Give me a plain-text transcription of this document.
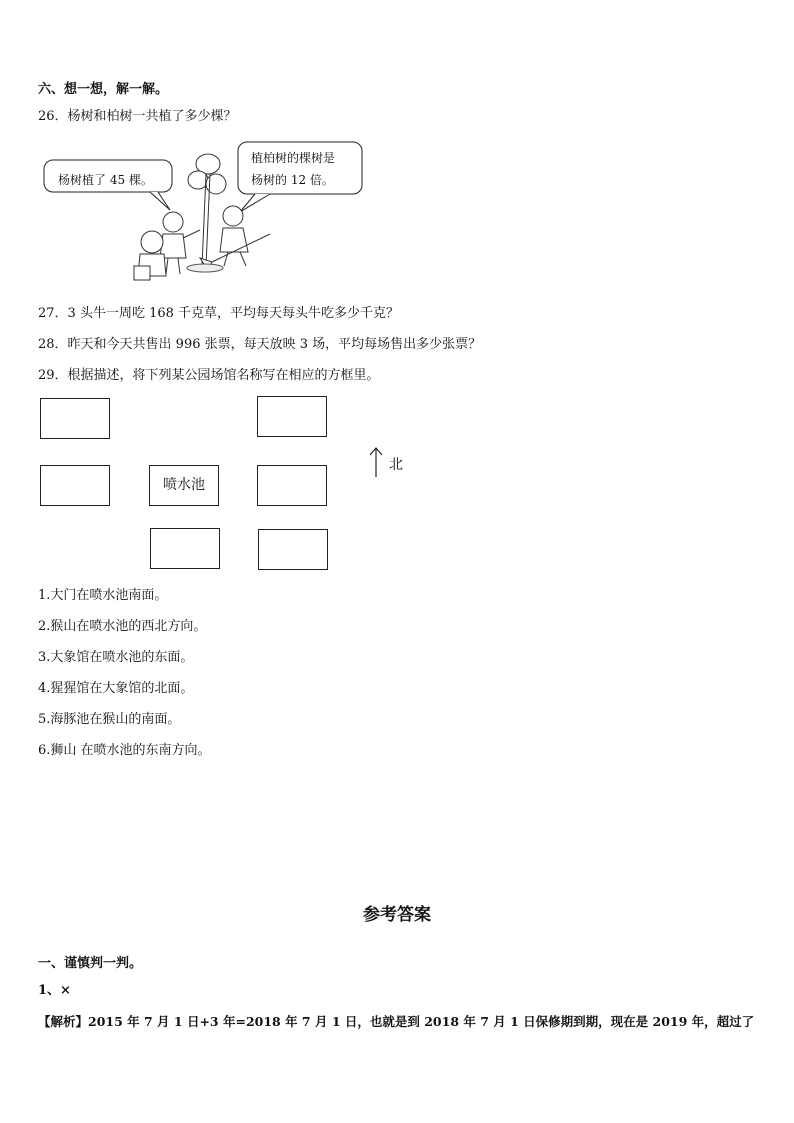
六、想一想，解一解。
26．杨树和柏树一共植了多少棵？
杨树植了 45 棵。
植柏树的棵树是
杨树的 12 倍。
27．3 头牛一周吃 168 千克草，平均每天每头牛吃多少千克？
28．昨天和今天共售出 996 张票，每天放映 3 场，平均每场售出多少张票？
29．根据描述，将下列某公园场馆名称写在相应的方框里。
喷水池
北
1.大门在喷水池南面。
2.猴山在喷水池的西北方向。
3.大象馆在喷水池的东面。
4.猩猩馆在大象馆的北面。
5.海豚池在猴山的南面。
6.狮山 在喷水池的东南方向。
参考答案
一、谨慎判一判。
1、×
【解析】2015 年 7 月 1 日+3 年=2018 年 7 月 1 日，也就是到 2018 年 7 月 1 日保修期到期，现在是 2019 年，超过了
